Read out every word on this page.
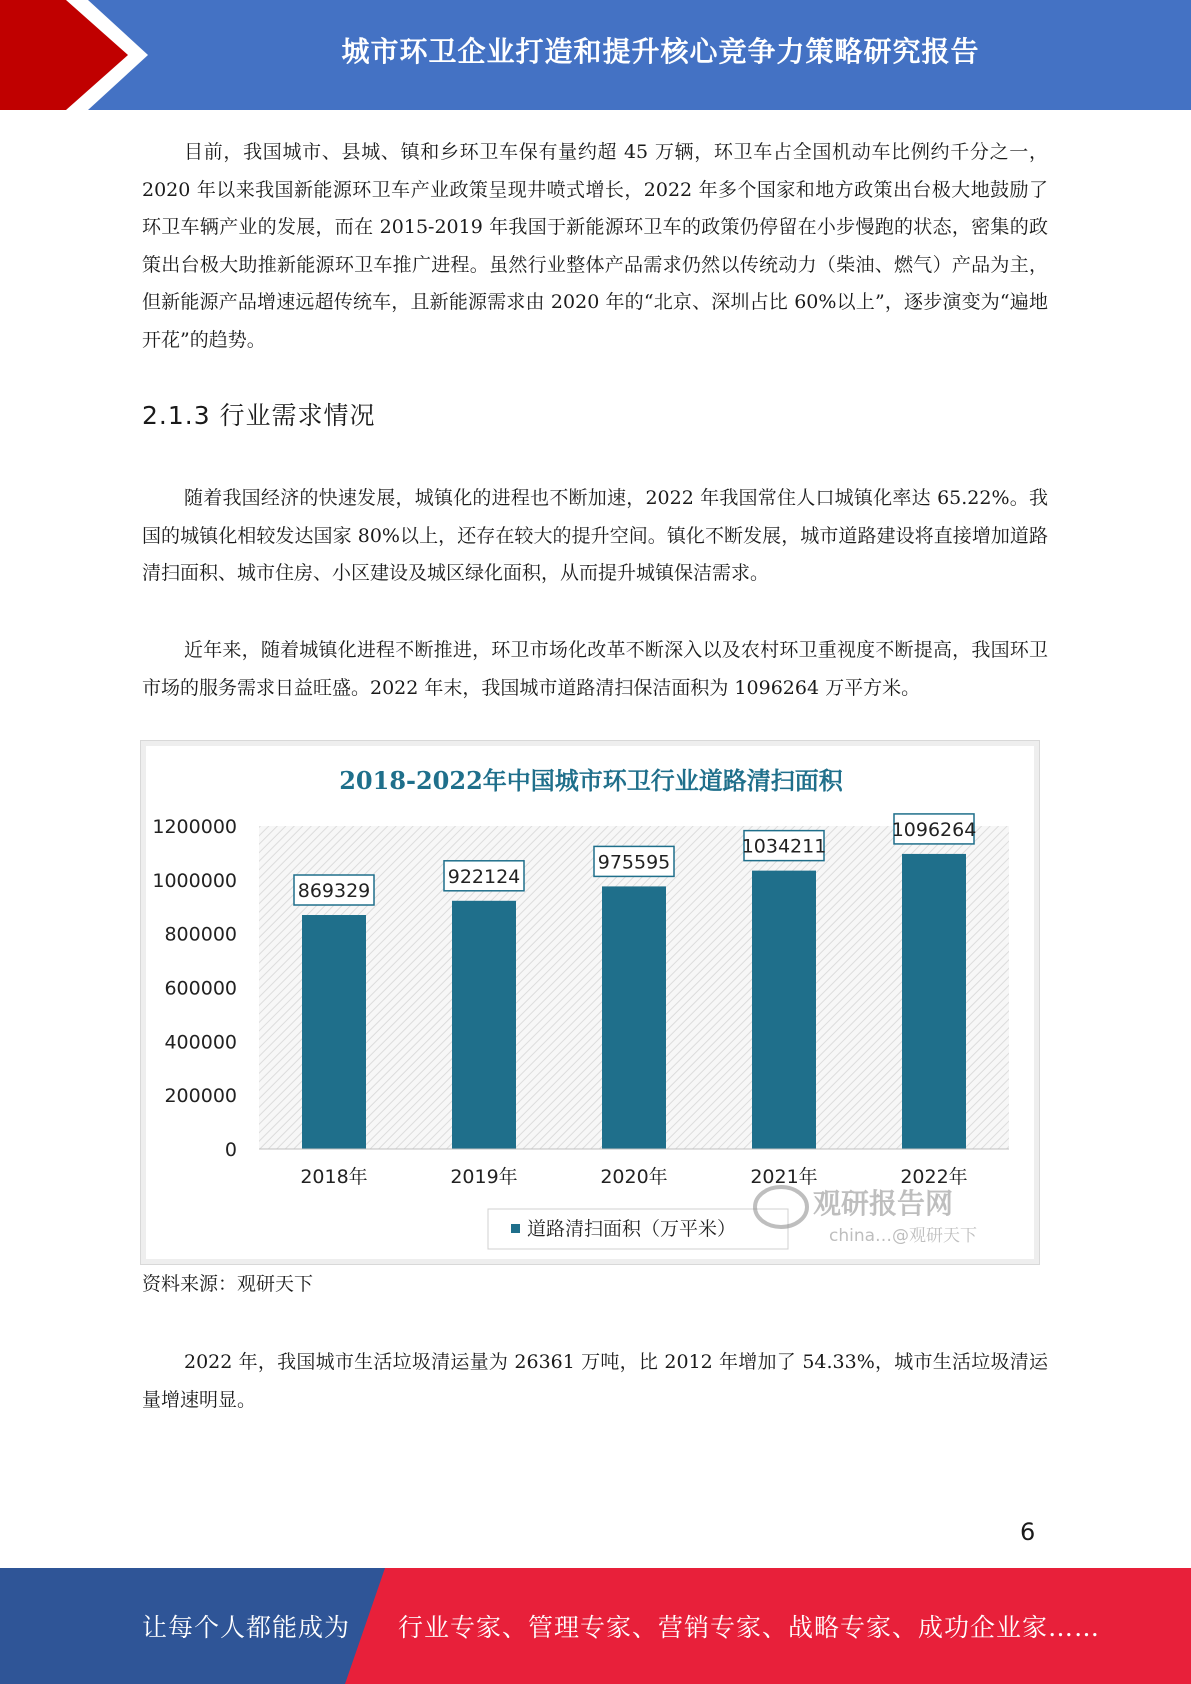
城市环卫企业打造和提升核心竞争力策略研究报告

目前，我国城市、县城、镇和乡环卫车保有量约超 45 万辆，环卫车占全国机动车比例约千分之一， 2020 年以来我国新能源环卫车产业政策呈现井喷式增长，2022 年多个国家和地方政策出台极大地鼓励了环卫车辆产业的发展，而在 2015-2019 年我国于新能源环卫车的政策仍停留在小步慢跑的状态，密集的政策出台极大助推新能源环卫车推广进程。虽然行业整体产品需求仍然以传统动力（柴油、燃气）产品为主，但新能源产品增速远超传统车，且新能源需求由 2020 年的“北京、深圳占比 60%以上”，逐步演变为“遍地开花”的趋势。

2.1.3 行业需求情况

随着我国经济的快速发展，城镇化的进程也不断加速，2022 年我国常住人口城镇化率达 65.22%。我国的城镇化相较发达国家 80%以上，还存在较大的提升空间。镇化不断发展，城市道路建设将直接增加道路清扫面积、城市住房、小区建设及城区绿化面积，从而提升城镇保洁需求。

近年来，随着城镇化进程不断推进，环卫市场化改革不断深入以及农村环卫重视度不断提高，我国环卫市场的服务需求日益旺盛。2022 年末，我国城市道路清扫保洁面积为 1096264 万平方米。

2018-2022年中国城市环卫行业道路清扫面积
0
200000
400000
600000
800000
1000000
1200000
869329
922124
975595
1034211
1096264
2018年	2019年	2020年	2021年	2022年
道路清扫面积（万平米）
观研报告网
china…@观研天下

资料来源：观研天下

2022 年，我国城市生活垃圾清运量为 26361 万吨，比 2012 年增加了 54.33%，城市生活垃圾清运量增速明显。

6
让每个人都能成为 行业专家、管理专家、营销专家、战略专家、成功企业家……
